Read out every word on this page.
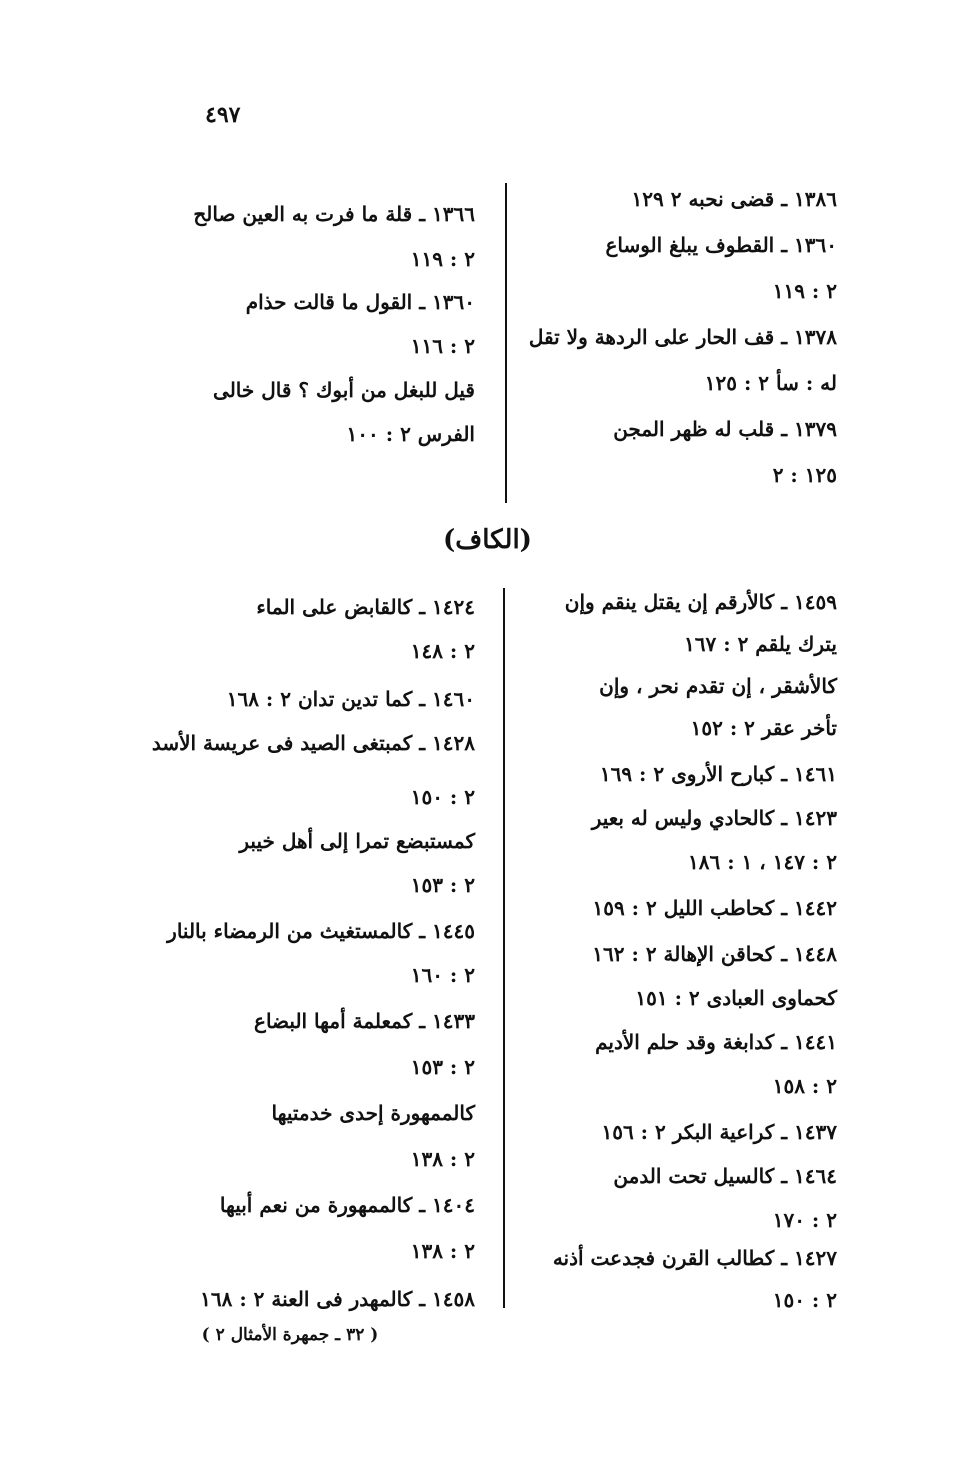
٤٩٧
١٣٨٦ ـ قضى نحبه ٢ ١٢٩
١٣٦٠ ـ القطوف يبلغ الوساع
٢ : ١١٩
١٣٧٨ ـ قف الحار على الردهة ولا تقل
له : سأ ٢ : ١٢٥
١٣٧٩ ـ قلب له ظهر المجن
١٢٥ : ٢
١٣٦٦ ـ قلة ما فرت به العين صالح
٢ : ١١٩
١٣٦٠ ـ القول ما قالت حذام
٢ : ١١٦
قيل للبغل من أبوك ؟ قال خالى
الفرس ٢ : ١٠٠
(الكاف)
١٤٥٩ ـ كالأرقم إن يقتل ينقم وإن
يترك يلقم ٢ : ١٦٧
كالأشقر ، إن تقدم نحر ، وإن
تأخر عقر ٢ : ١٥٢
١٤٦١ ـ كبارح الأروى ٢ : ١٦٩
١٤٢٣ ـ كالحادي وليس له بعير
٢ : ١٤٧ ، ١ : ١٨٦
١٤٤٢ ـ كحاطب الليل ٢ : ١٥٩
١٤٤٨ ـ كحاقن الإهالة ٢ : ١٦٢
كحماوى العبادى ٢ : ١٥١
١٤٤١ ـ كدابغة وقد حلم الأديم
٢ : ١٥٨
١٤٣٧ ـ كراعية البكر ٢ : ١٥٦
١٤٦٤ ـ كالسيل تحت الدمن
٢ : ١٧٠
١٤٢٧ ـ كطالب القرن فجدعت أذنه
٢ : ١٥٠
١٤٢٤ ـ كالقابض على الماء
٢ : ١٤٨
١٤٦٠ ـ كما تدين تدان ٢ : ١٦٨
١٤٢٨ ـ كمبتغى الصيد فى عريسة الأسد
٢ : ١٥٠
كمستبضع تمرا إلى أهل خيبر
٢ : ١٥٣
١٤٤٥ ـ كالمستغيث من الرمضاء بالنار
٢ : ١٦٠
١٤٣٣ ـ كمعلمة أمها البضاع
٢ : ١٥٣
كالممهورة إحدى خدمتيها
٢ : ١٣٨
١٤٠٤ ـ كالممهورة من نعم أبيها
٢ : ١٣٨
١٤٥٨ ـ كالمهدر فى العنة ٢ : ١٦٨
( ٣٢ ـ جمهرة الأمثال ٢ )
